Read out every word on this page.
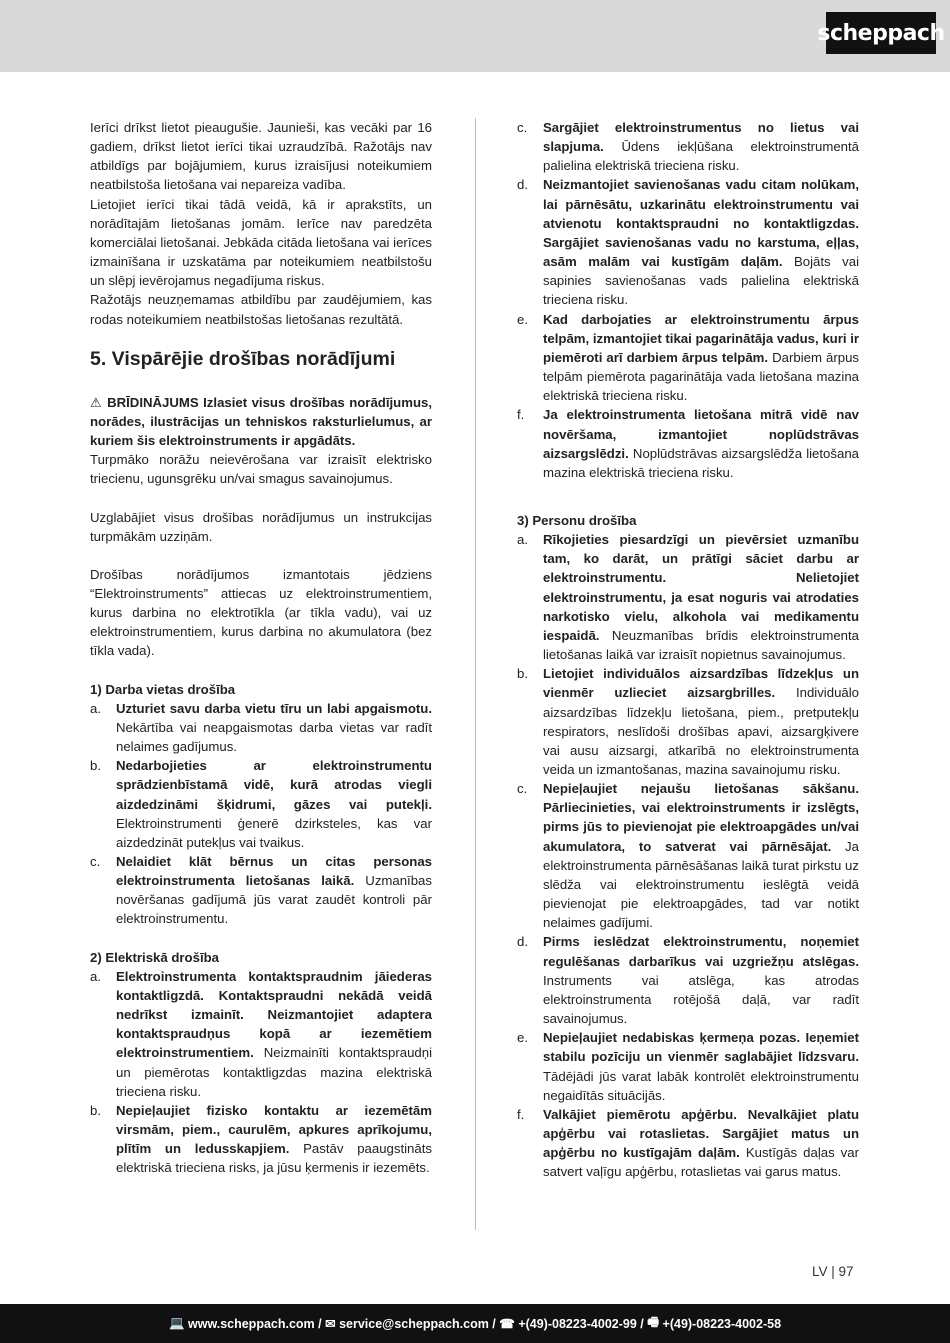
scheppach

Ierīci drīkst lietot pieaugušie. Jaunieši, kas vecāki par 16 gadiem, drīkst lietot ierīci tikai uzraudzībā. Ražotājs nav atbildīgs par bojājumiem, kurus izraisījusi noteikumiem neatbilstoša lietošana vai nepareiza vadība.

Lietojiet ierīci tikai tādā veidā, kā ir aprakstīts, un norādītajām lietošanas jomām. Ierīce nav paredzēta komerciālai lietošanai. Jebkāda citāda lietošana vai ierīces izmainīšana ir uzskatāma par noteikumiem neatbilstošu un slēpj ievērojamus negadījuma riskus.

Ražotājs neuzņemamas atbildību par zaudējumiem, kas rodas noteikumiem neatbilstošas lietošanas rezultātā.

5. Vispārējie drošības norādījumi

⚠ BRĪDINĀJUMS Izlasiet visus drošības norādījumus, norādes, ilustrācijas un tehniskos raksturlielumus, ar kuriem šis elektroinstruments ir apgādāts.

Turpmāko norāžu neievērošana var izraisīt elektrisko triecienu, ugunsgrēku un/vai smagus savainojumus.

Uzglabājiet visus drošības norādījumus un instrukcijas turpmākām uzziņām.

Drošības norādījumos izmantotais jēdziens “Elektroinstruments” attiecas uz elektroinstrumentiem, kurus darbina no elektrotīkla (ar tīkla vadu), vai uz elektroinstrumentiem, kurus darbina no akumulatora (bez tīkla vada).

1) Darba vietas drošība
a.	Uzturiet savu darba vietu tīru un labi apgaismotu. Nekārtība vai neapgaismotas darba vietas var radīt nelaimes gadījumus.
b.	Nedarbojieties ar elektroinstrumentu sprādzienbīstamā vidē, kurā atrodas viegli aizdedzināmi šķidrumi, gāzes vai putekļi. Elektroinstrumenti ģenerē dzirksteles, kas var aizdedzināt putekļus vai tvaikus.
c.	Nelaidiet klāt bērnus un citas personas elektroinstrumenta lietošanas laikā. Uzmanības novēršanas gadījumā jūs varat zaudēt kontroli pār elektroinstrumentu.
2) Elektriskā drošība
a.	Elektroinstrumenta kontaktspraudnim jāiederas kontaktligzdā. Kontaktspraudni nekādā veidā nedrīkst izmainīt. Neizmantojiet adaptera kontaktspraudņus kopā ar iezemētiem elektroinstrumentiem. Neizmainīti kontaktspraudņi un piemērotas kontaktligzdas mazina elektriskā trieciena risku.
b.	Nepieļaujiet fizisko kontaktu ar iezemētām virsmām, piem., caurulēm, apkures aprīkojumu, plītīm un ledusskapjiem. Pastāv paaugstināts elektriskā trieciena risks, ja jūsu ķermenis ir iezemēts.
c.	Sargājiet elektroinstrumentus no lietus vai slapjuma. Ūdens iekļūšana elektroinstrumentā palielina elektriskā trieciena risku.
d.	Neizmantojiet savienošanas vadu citam nolūkam, lai pārnēsātu, uzkarinātu elektroinstrumentu vai atvienotu kontaktspraudni no kontaktligzdas. Sargājiet savienošanas vadu no karstuma, eļļas, asām malām vai kustīgām daļām. Bojāts vai sapinies savienošanas vads palielina elektriskā trieciena risku.
e.	Kad darbojaties ar elektroinstrumentu ārpus telpām, izmantojiet tikai pagarinātāja vadus, kuri ir piemēroti arī darbiem ārpus telpām. Darbiem ārpus telpām piemērota pagarinātāja vada lietošana mazina elektriskā trieciena risku.
f.	Ja elektroinstrumenta lietošana mitrā vidē nav novēršama, izmantojiet noplūdstrāvas aizsargslēdzi. Noplūdstrāvas aizsargslēdža lietošana mazina elektriskā trieciena risku.
3) Personu drošība
a.	Rīkojieties piesardzīgi un pievērsiet uzmanību tam, ko darāt, un prātīgi sāciet darbu ar elektroinstrumentu. Nelietojiet elektroinstrumentu, ja esat noguris vai atrodaties narkotisko vielu, alkohola vai medikamentu iespaidā. Neuzmanības brīdis elektroinstrumenta lietošanas laikā var izraisīt nopietnus savainojumus.
b.	Lietojiet individuālos aizsardzības līdzekļus un vienmēr uzlieciet aizsargbrilles. Individuālo aizsardzības līdzekļu lietošana, piem., pretputekļu respirators, neslīdoši drošības apavi, aizsargķivere vai ausu aizsargi, atkarībā no elektroinstrumenta veida un izmantošanas, mazina savainojumu risku.
c.	Nepieļaujiet nejaušu lietošanas sākšanu. Pārliecinieties, vai elektroinstruments ir izslēgts, pirms jūs to pievienojat pie elektroapgādes un/vai akumulatora, to satverat vai pārnēsājat. Ja elektroinstrumenta pārnēsāšanas laikā turat pirkstu uz slēdža vai elektroinstrumentu ieslēgtā veidā pievienojat pie elektroapgādes, tad var notikt nelaimes gadījumi.
d.	Pirms ieslēdzat elektroinstrumentu, noņemiet regulēšanas darbarīkus vai uzgriežņu atslēgas. Instruments vai atslēga, kas atrodas elektroinstrumenta rotējošā daļā, var radīt savainojumus.
e.	Nepieļaujiet nedabiskas ķermeņa pozas. Ieņemiet stabilu pozīciju un vienmēr saglabājiet līdzsvaru. Tādējādi jūs varat labāk kontrolēt elektroinstrumentu negaidītās situācijās.
f.	Valkājiet piemērotu apģērbu. Nevalkājiet platu apģērbu vai rotaslietas. Sargājiet matus un apģērbu no kustīgajām daļām. Kustīgās daļas var satvert vaļīgu apģērbu, rotaslietas vai garus matus.
LV | 97
💻
www.scheppach.com / ✉
service@scheppach.com / ☎
+(49)-08223-4002-99 / 🖷
+(49)-08223-4002-58
